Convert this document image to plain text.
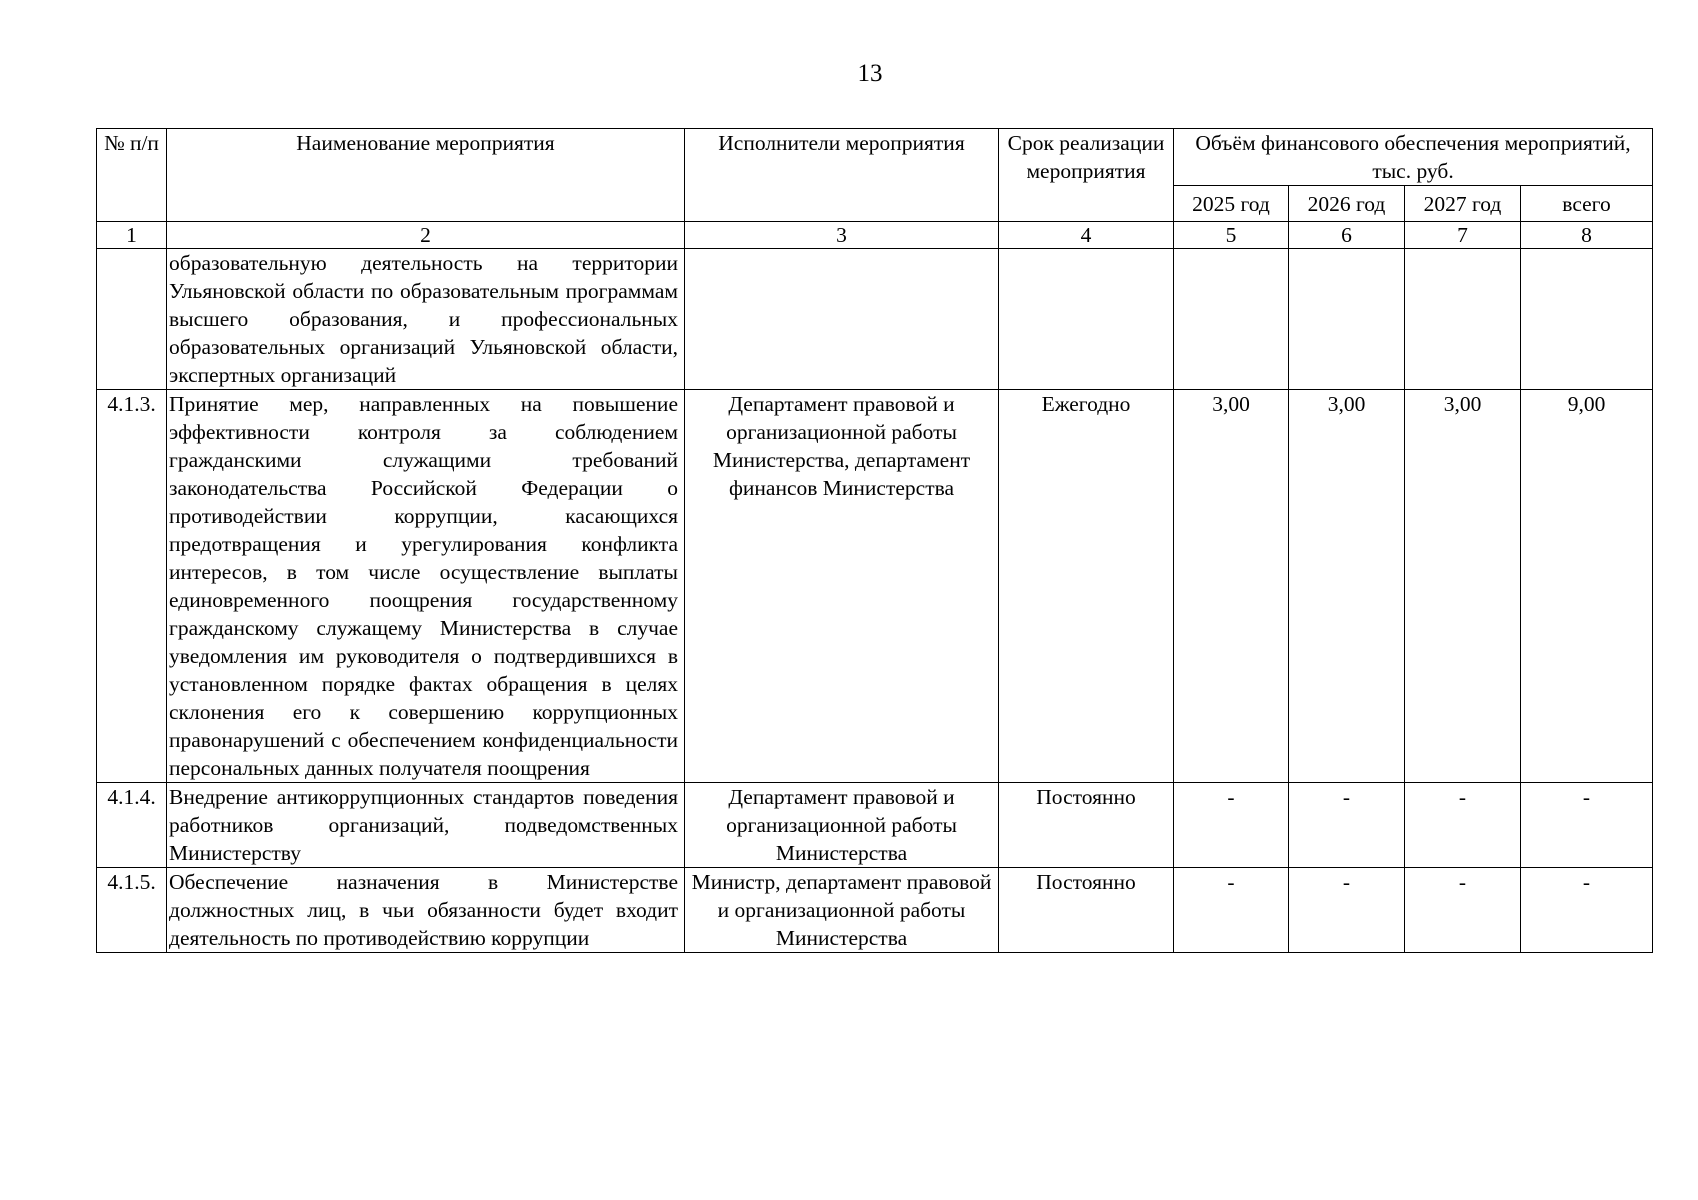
13
№ п/п	Наименование мероприятия	Исполнители мероприятия	Срок реализации мероприятия	Объём финансового обеспечения мероприятий, тыс. руб.			
				2025 год	2026 год	2027 год	всего
1	2	3	4	5	6	7	8
	образовательную деятельность на территории Ульяновской области по образовательным программам высшего образования, и профессиональных образовательных организаций Ульяновской области, экспертных организаций						
4.1.3.	Принятие мер, направленных на повышение эффективности контроля за соблюдением гражданскими служащими требований законодательства Российской Федерации о противодействии коррупции, касающихся предотвращения и урегулирования конфликта интересов, в том числе осуществление выплаты единовременного поощрения государственному гражданскому служащему Министерства в случае уведомления им руководителя о подтвердившихся в установленном порядке фактах обращения в целях склонения его к совершению коррупционных правонарушений с обеспечением конфиденциальности персональных данных получателя поощрения	Департамент правовой и организационной работы Министерства, департамент финансов Министерства	Ежегодно	3,00	3,00	3,00	9,00
4.1.4.	Внедрение антикоррупционных стандартов поведения работников организаций, подведомственных Министерству	Департамент правовой и организационной работы Министерства	Постоянно	-	-	-	-
4.1.5.	Обеспечение назначения в Министерстве должностных лиц, в чьи обязанности будет входит деятельность по противодействию коррупции	Министр, департамент правовой и организационной работы Министерства	Постоянно	-	-	-	-
